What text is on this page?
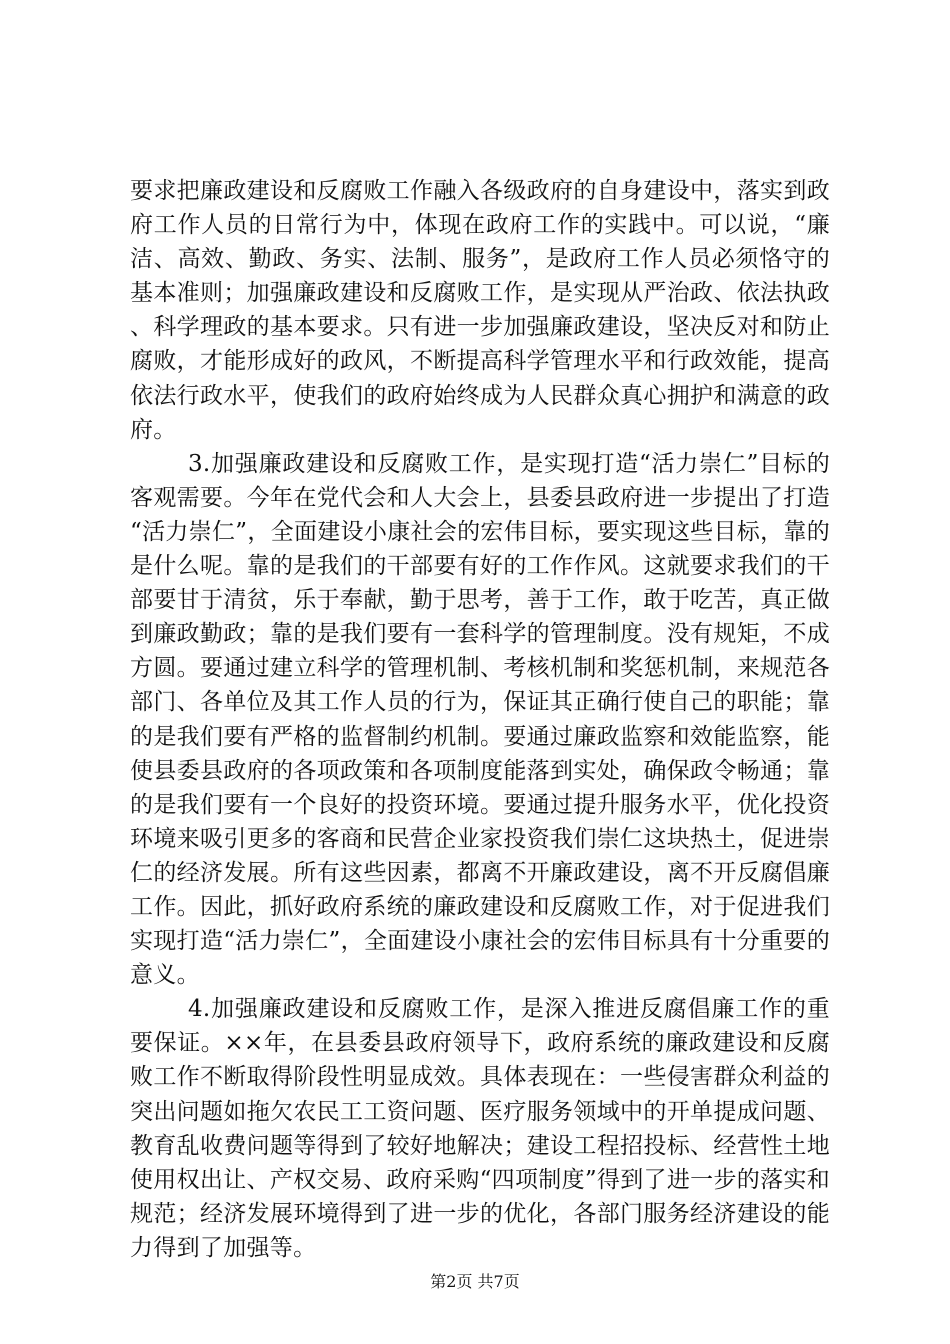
要求把廉政建设和反腐败工作融入各级政府的自身建设中，落实到政府工作人员的日常行为中，体现在政府工作的实践中。可以说，“廉洁、高效、勤政、务实、法制、服务”，是政府工作人员必须恪守的基本准则；加强廉政建设和反腐败工作，是实现从严治政、依法执政、科学理政的基本要求。只有进一步加强廉政建设，坚决反对和防止腐败，才能形成好的政风，不断提高科学管理水平和行政效能，提高依法行政水平，使我们的政府始终成为人民群众真心拥护和满意的政府。

3.加强廉政建设和反腐败工作，是实现打造“活力崇仁”目标的客观需要。今年在党代会和人大会上，县委县政府进一步提出了打造“活力崇仁”，全面建设小康社会的宏伟目标，要实现这些目标，靠的是什么呢。靠的是我们的干部要有好的工作作风。这就要求我们的干部要甘于清贫，乐于奉献，勤于思考，善于工作，敢于吃苦，真正做到廉政勤政；靠的是我们要有一套科学的管理制度。没有规矩，不成方圆。要通过建立科学的管理机制、考核机制和奖惩机制，来规范各部门、各单位及其工作人员的行为，保证其正确行使自己的职能；靠的是我们要有严格的监督制约机制。要通过廉政监察和效能监察，能使县委县政府的各项政策和各项制度能落到实处，确保政令畅通；靠的是我们要有一个良好的投资环境。要通过提升服务水平，优化投资环境来吸引更多的客商和民营企业家投资我们崇仁这块热土，促进崇仁的经济发展。所有这些因素，都离不开廉政建设，离不开反腐倡廉工作。因此，抓好政府系统的廉政建设和反腐败工作，对于促进我们实现打造“活力崇仁”，全面建设小康社会的宏伟目标具有十分重要的意义。

4.加强廉政建设和反腐败工作，是深入推进反腐倡廉工作的重要保证。××年，在县委县政府领导下，政府系统的廉政建设和反腐败工作不断取得阶段性明显成效。具体表现在：一些侵害群众利益的突出问题如拖欠农民工工资问题、医疗服务领域中的开单提成问题、教育乱收费问题等得到了较好地解决；建设工程招投标、经营性土地使用权出让、产权交易、政府采购“四项制度”得到了进一步的落实和规范；经济发展环境得到了进一步的优化，各部门服务经济建设的能力得到了加强等。

第2页 共7页
